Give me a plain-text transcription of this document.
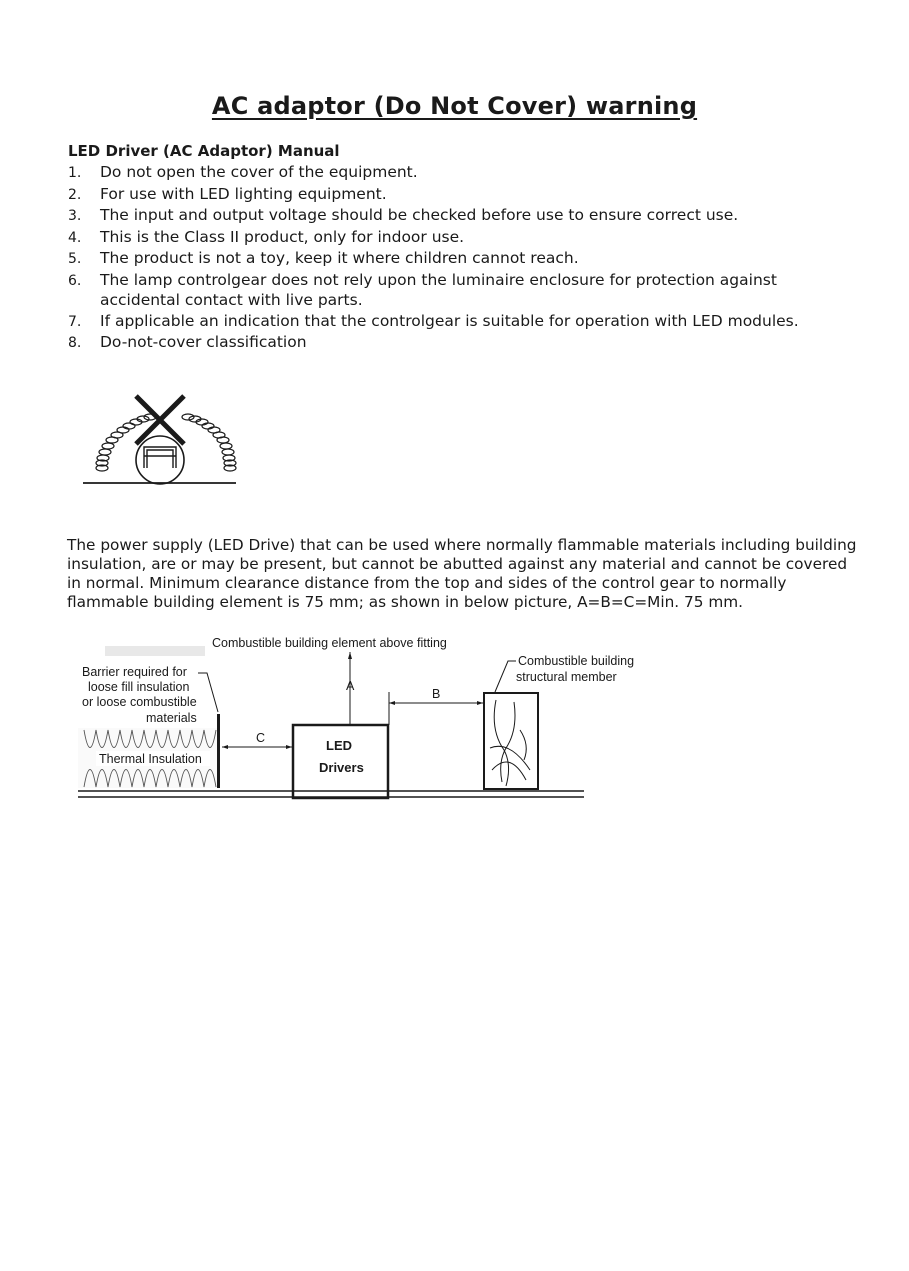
AC adaptor (Do Not Cover) warning
LED Driver (AC Adaptor) Manual
1.	Do not open the cover of the equipment.
2.	For use with LED lighting equipment.
3.	The input and output voltage should be checked before use to ensure correct use.
4.	This is the Class II product, only for indoor use.
5.	The product is not a toy, keep it where children cannot reach.
6.	The lamp controlgear does not rely upon the luminaire enclosure for protection against accidental contact with live parts.
7.	If applicable an indication that the controlgear is suitable for operation with LED modules.
8.	Do-not-cover classification
The power supply (LED Drive) that can be used where normally flammable materials including building insulation, are or may be present, but cannot be abutted against any material and cannot be covered in normal. Minimum clearance distance from the top and sides of the control gear to normally flammable building element is 75 mm; as shown in below picture, A=B=C=Min. 75 mm.
Combustible building element above fitting
Barrier required for
loose fill insulation
or loose combustible
materials
Thermal Insulation
C	LED
Drivers
A
B
Combustible building
structural member
